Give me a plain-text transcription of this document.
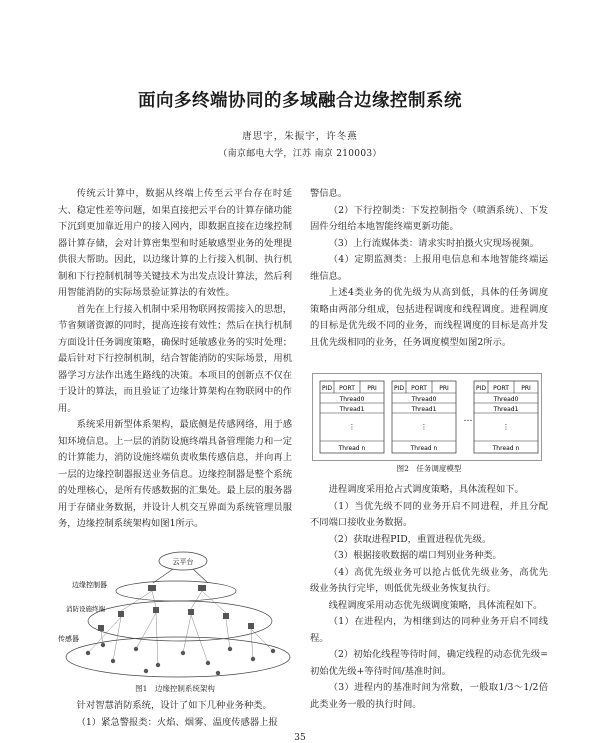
面向多终端协同的多域融合边缘控制系统
唐思宇，朱振宇，许冬燕
（南京邮电大学，江苏 南京 210003）

传统云计算中，数据从终端上传至云平台存在时延大、稳定性差等问题，如果直接把云平台的计算存储功能下沉到更加靠近用户的接入网内，即数据直接在边缘控制器计算存储，会对计算密集型和时延敏感型业务的处理提供很大帮助。因此，以边缘计算的上行接入机制、执行机制和下行控制机制等关键技术为出发点设计算法，然后利用智能消防的实际场景验证算法的有效性。

首先在上行接入机制中采用物联网按需接入的思想，节省频谱资源的同时，提高连接有效性；然后在执行机制方面设计任务调度策略，确保时延敏感业务的实时处理；最后针对下行控制机制，结合智能消防的实际场景，用机器学习方法作出逃生路线的决策。本项目的创新点不仅在于设计的算法，而且验证了边缘计算架构在物联网中的作用。

系统采用新型体系架构，最底侧是传感网络，用于感知环境信息。上一层的消防设施终端具备管理能力和一定的计算能力，消防设施终端负责收集传感信息，并向再上一层的边缘控制器报送业务信息。边缘控制器是整个系统的处理核心，是所有传感数据的汇集处。最上层的服务器用于存储业务数据，并设计人机交互界面为系统管理员服务，边缘控制系统架构如图1所示。

云平台
边缘控制器
消防设施终端
传感器
图1　边缘控制系统架构

针对智慧消防系统，设计了如下几种业务种类。

（1）紧急警报类：火焰、烟雾、温度传感器上报

警信息。

（2）下行控制类：下发控制指令（喷洒系统）、下发固件分组给本地智能终端更新功能。

（3）上行流媒体类：请求实时拍摄火灾现场视频。

（4）定期监测类：上报用电信息和本地智能终端运维信息。

上述4类业务的优先级为从高到低，具体的任务调度策略由两部分组成，包括进程调度和线程调度。进程调度的目标是优先级不同的业务，而线程调度的目标是高并发且优先级相同的业务，任务调度模型如图2所示。

PID PORT PRI
Thread0
Thread1
⋮
Thread n
PID PORT PRI
Thread0
Thread1
⋮
Thread n
…
PID PORT PRI
Thread0
Thread1
⋮
Thread n
图2　任务调度模型

进程调度采用抢占式调度策略，具体流程如下。

（1）当优先级不同的业务开启不同进程，并且分配不同端口接收业务数据。

（2）获取进程PID，重置进程优先级。

（3）根据接收数据的端口判别业务种类。

（4）高优先级业务可以抢占低优先级业务，高优先级业务执行完毕，则低优先级业务恢复执行。

线程调度采用动态优先级调度策略，具体流程如下。

（1）在进程内，为相继到达的同种业务开启不同线程。

（2）初始化线程等待时间，确定线程的动态优先级=初始优先级+等待时间/基准时间。

（3）进程内的基准时间为常数，一般取1/3～1/2倍此类业务一般的执行时间。

35
